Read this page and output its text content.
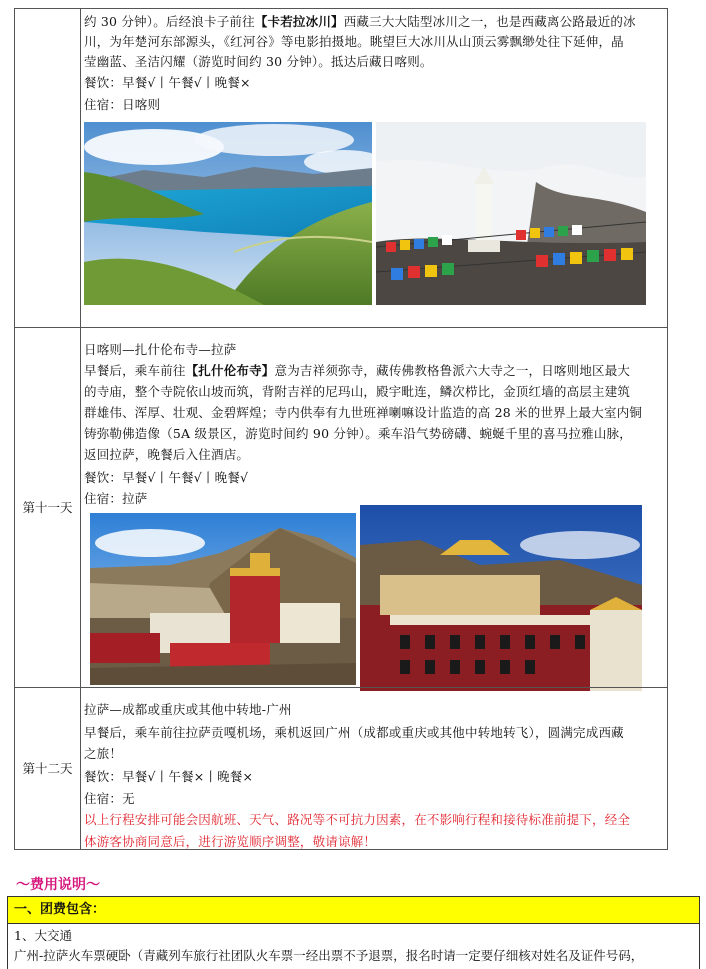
约 30 分钟）。后经浪卡子前往【卡若拉冰川】西藏三大大陆型冰川之一，也是西藏离公路最近的冰
川，为年楚河东部源头，《红河谷》等电影拍摄地。眺望巨大冰川从山顶云雾飘缈处往下延伸，晶
莹幽蓝、圣洁闪耀（游览时间约 30 分钟）。抵达后藏日喀则。
餐饮：早餐√丨午餐√丨晚餐×
住宿：日喀则
第十一天
日喀则—扎什伦布寺—拉萨
早餐后，乘车前往【扎什伦布寺】意为吉祥须弥寺，藏传佛教格鲁派六大寺之一，日喀则地区最大
的寺庙，整个寺院依山坡而筑，背附吉祥的尼玛山，殿宇毗连，鳞次栉比，金顶红墙的高层主建筑
群雄伟、浑厚、壮观、金碧辉煌；寺内供奉有九世班禅喇嘛设计监造的高 28 米的世界上最大室内铜
铸弥勒佛造像（5A 级景区，游览时间约 90 分钟）。乘车沿气势磅礴、蜿蜒千里的喜马拉雅山脉，
返回拉萨，晚餐后入住酒店。
餐饮：早餐√丨午餐√丨晚餐√
住宿：拉萨
第十二天
拉萨—成都或重庆或其他中转地-广州
早餐后，乘车前往拉萨贡嘎机场，乘机返回广州（成都或重庆或其他中转地转飞），圆满完成西藏
之旅！
餐饮：早餐√丨午餐×丨晚餐×
住宿：无
以上行程安排可能会因航班、天气、路况等不可抗力因素，在不影响行程和接待标准前提下，经全
体游客协商同意后，进行游览顺序调整，敬请谅解！
～费用说明～
一、团费包含：
1、大交通
广州-拉萨火车票硬卧（青藏列车旅行社团队火车票一经出票不予退票，报名时请一定要仔细核对姓名及证件号码，
